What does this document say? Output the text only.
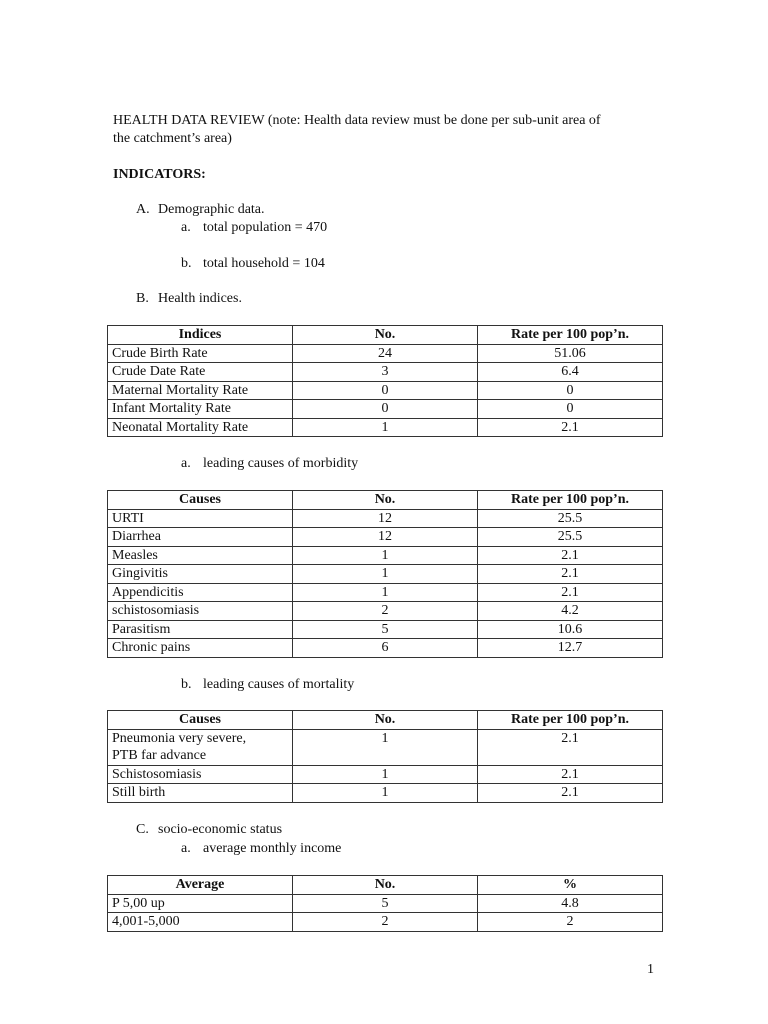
HEALTH DATA REVIEW (note: Health data review must be done per sub-unit area of
the catchment’s area)
INDICATORS:
A. Demographic data.
a. total population = 470
b. total household = 104
B. Health indices.
Indices	No.	Rate per 100 pop’n.
Crude Birth Rate	24	51.06
Crude Date Rate	3	6.4
Maternal Mortality Rate	0	0
Infant Mortality Rate	0	0
Neonatal Mortality Rate	1	2.1
a. leading causes of morbidity
Causes	No.	Rate per 100 pop’n.
URTI	12	25.5
Diarrhea	12	25.5
Measles	1	2.1
Gingivitis	1	2.1
Appendicitis	1	2.1
schistosomiasis	2	4.2
Parasitism	5	10.6
Chronic pains	6	12.7
b. leading causes of mortality
Causes	No.	Rate per 100 pop’n.
Pneumonia very severe,
PTB far advance	1	2.1
Schistosomiasis	1	2.1
Still birth	1	2.1
C. socio-economic status
a. average monthly income
Average	No.	%
P 5,00 up	5	4.8
4,001-5,000	2	2
1
